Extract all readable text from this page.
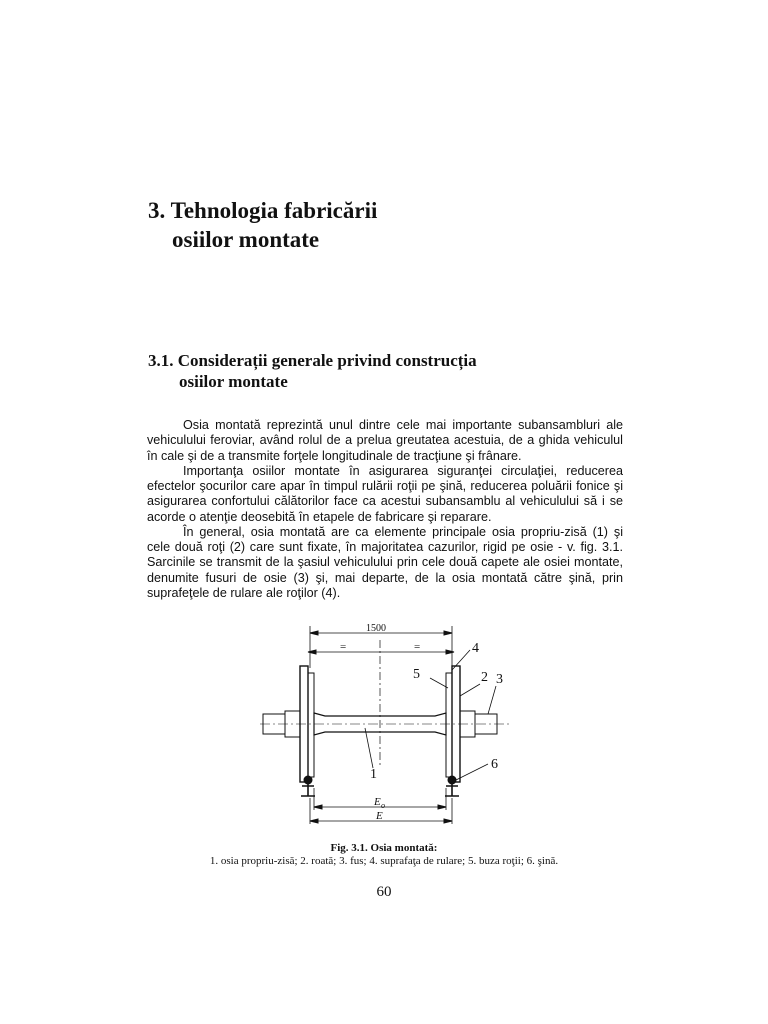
3. Tehnologia fabricării
osiilor montate
3.1. Considerații generale privind construcția
osiilor montate

Osia montată reprezintă unul dintre cele mai importante subansambluri ale vehiculului feroviar, având rolul de a prelua greutatea acestuia, de a ghida vehiculul în cale şi de a transmite forţele longitudinale de tracţiune şi frânare.

Importanţa osiilor montate în asigurarea siguranţei circulaţiei, reducerea efectelor şocurilor care apar în timpul rulării roţii pe şină, reducerea poluării fonice şi asigurarea confortului călătorilor face ca acestui subansamblu al vehiculului să i se acorde o atenţie deosebită în etapele de fabricare şi reparare.

În general, osia montată are ca elemente principale osia propriu-zisă (1) şi cele două roţi (2) care sunt fixate, în majoritatea cazurilor, rigid pe osie - v. fig. 3.1. Sarcinile se transmit de la şasiul vehiculului prin cele două capete ale osiei montate, denumite fusuri de osie (3) şi, mai departe, de la osia montată către şină, prin suprafeţele de rulare ale roţilor (4).

1500
=	=
E o
E
1
2 3
4
5
6
Fig. 3.1. Osia montată:
1. osia propriu-zisă; 2. roată; 3. fus; 4. suprafaţa de rulare; 5. buza roţii; 6. şină.
60
